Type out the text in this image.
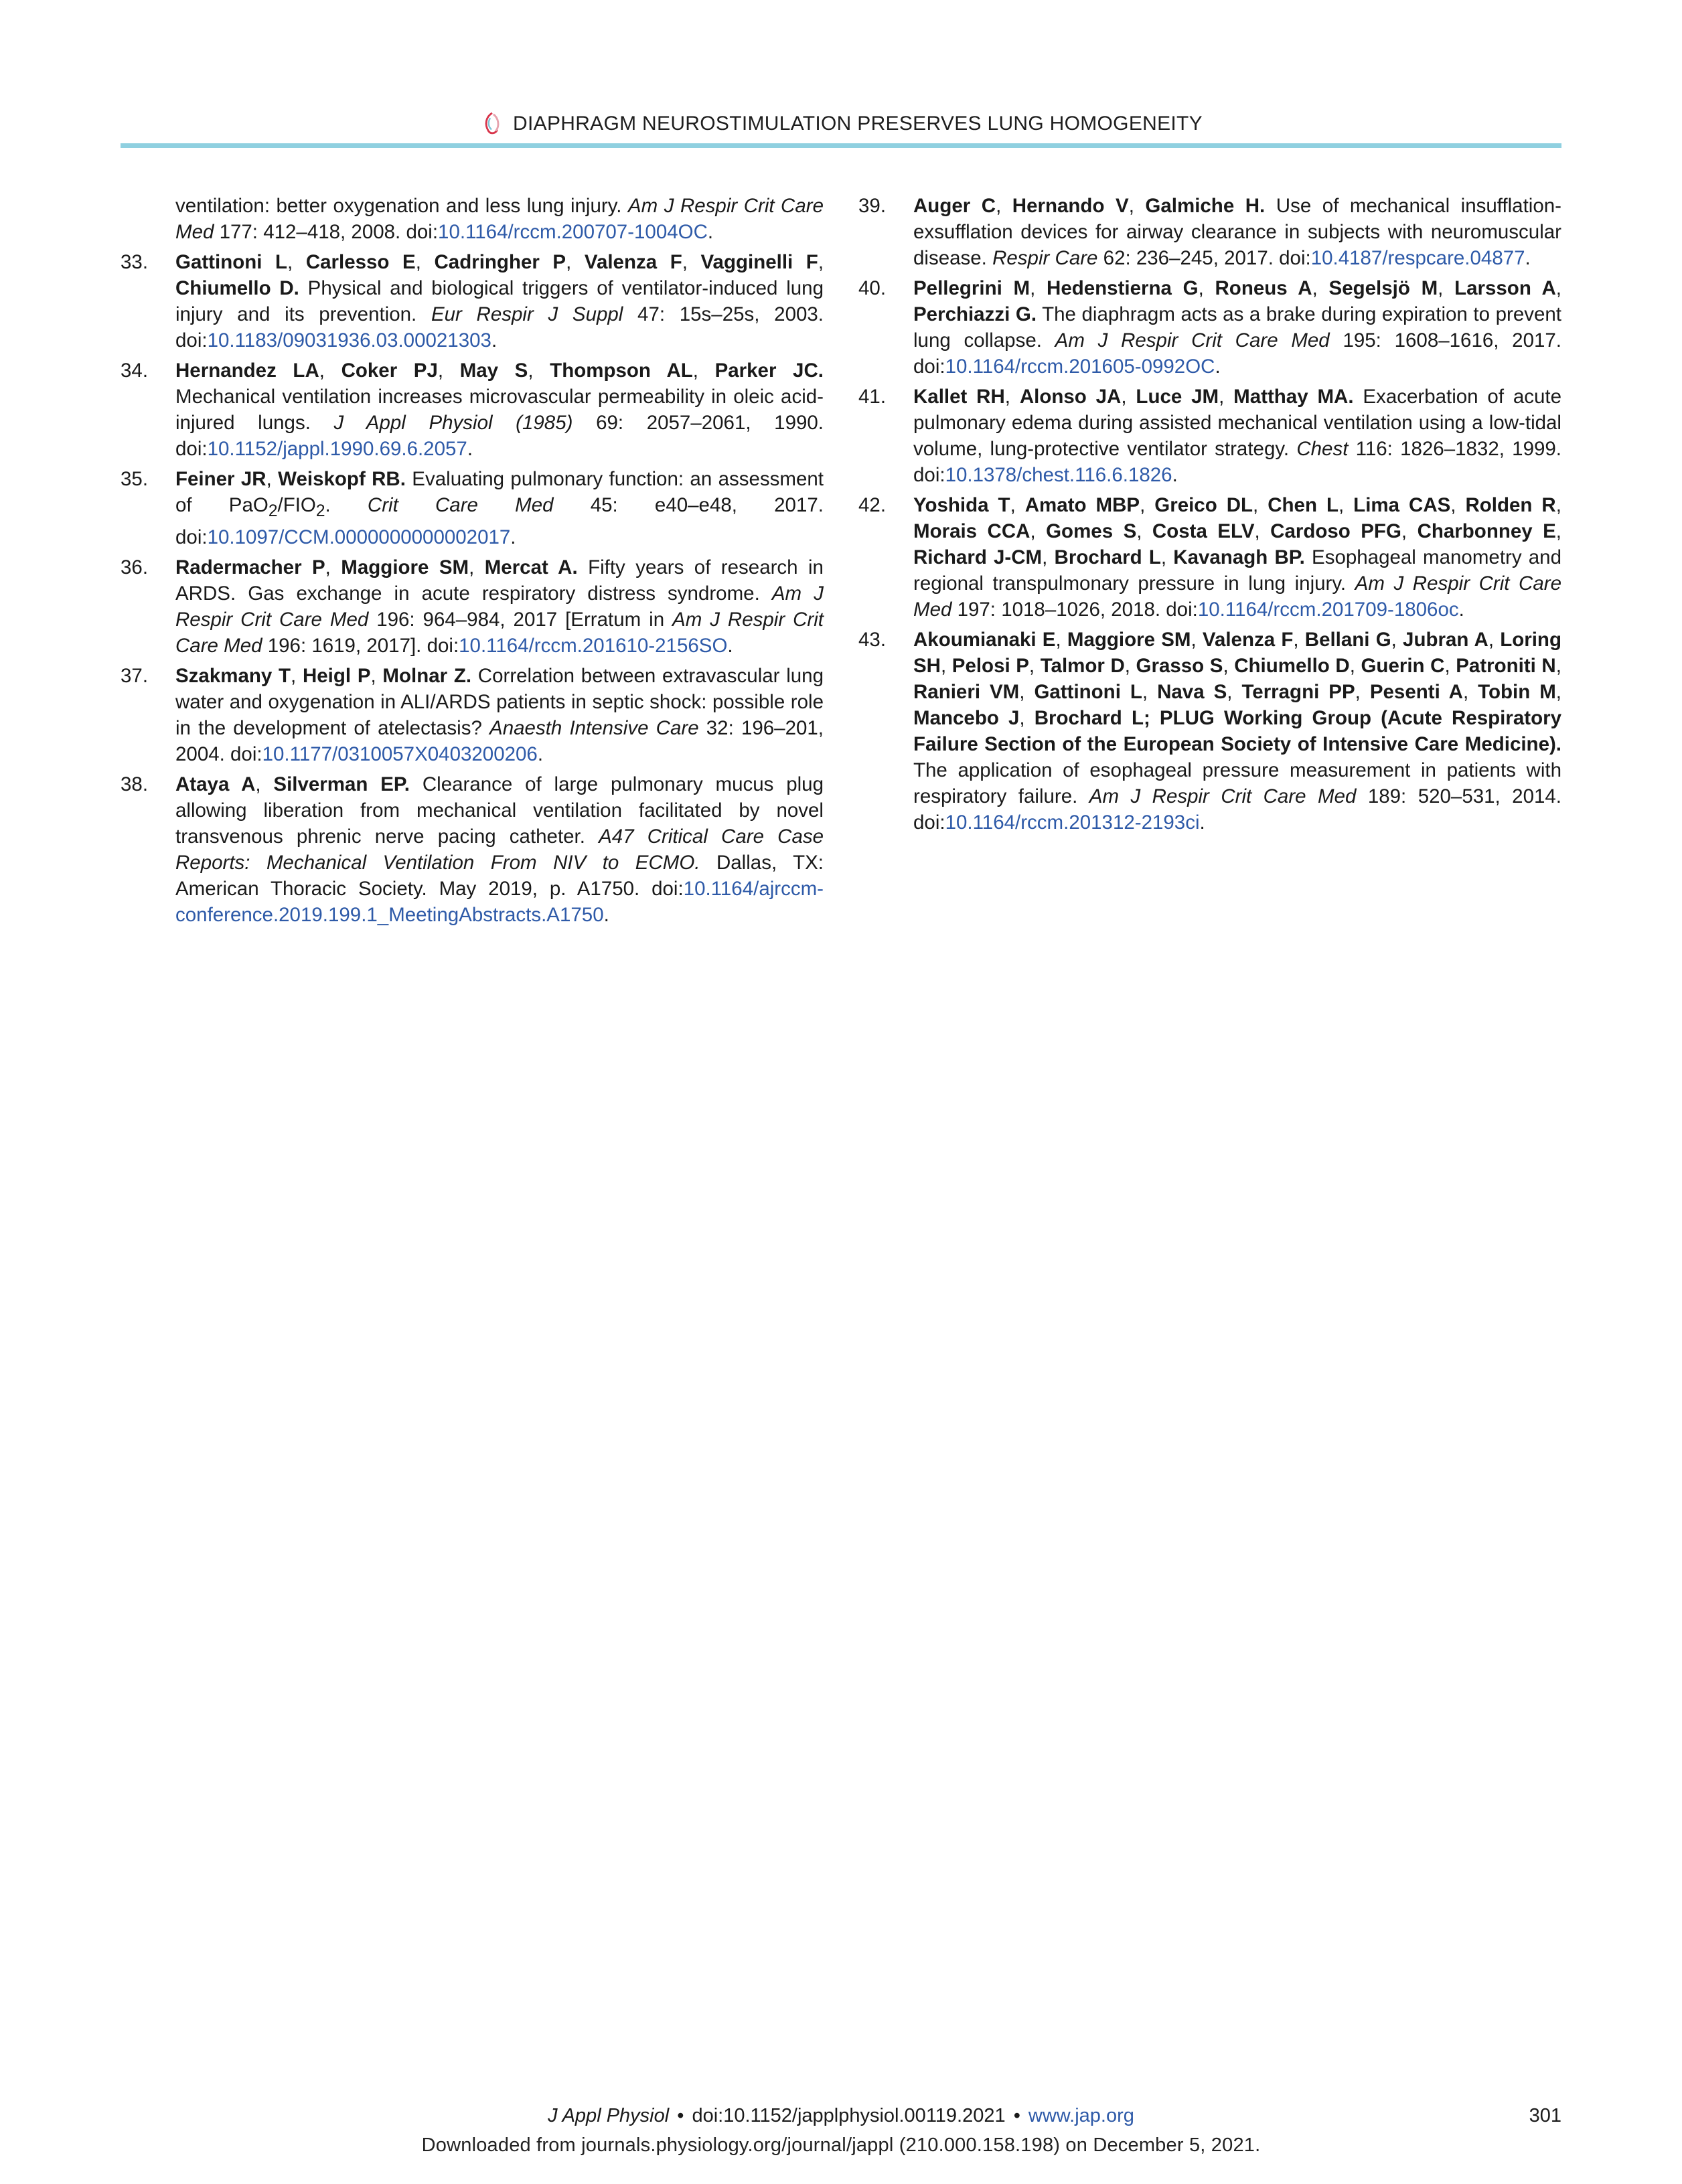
DIAPHRAGM NEUROSTIMULATION PRESERVES LUNG HOMOGENEITY
ventilation: better oxygenation and less lung injury. Am J Respir Crit Care Med 177: 412–418, 2008. doi:10.1164/rccm.200707-1004OC.
33. Gattinoni L, Carlesso E, Cadringher P, Valenza F, Vagginelli F, Chiumello D. Physical and biological triggers of ventilator-induced lung injury and its prevention. Eur Respir J Suppl 47: 15s–25s, 2003. doi:10.1183/09031936.03.00021303.
34. Hernandez LA, Coker PJ, May S, Thompson AL, Parker JC. Mechanical ventilation increases microvascular permeability in oleic acid-injured lungs. J Appl Physiol (1985) 69: 2057–2061, 1990. doi:10.1152/jappl.1990.69.6.2057.
35. Feiner JR, Weiskopf RB. Evaluating pulmonary function: an assessment of $PaO_2/FIO_2$. Crit Care Med 45: e40–e48, 2017. doi:10.1097/CCM.0000000000002017.
36. Radermacher P, Maggiore SM, Mercat A. Fifty years of research in ARDS. Gas exchange in acute respiratory distress syndrome. Am J Respir Crit Care Med 196: 964–984, 2017 [Erratum in Am J Respir Crit Care Med 196: 1619, 2017]. doi:10.1164/rccm.201610-2156SO.
37. Szakmany T, Heigl P, Molnar Z. Correlation between extravascular lung water and oxygenation in ALI/ARDS patients in septic shock: possible role in the development of atelectasis? Anaesth Intensive Care 32: 196–201, 2004. doi:10.1177/0310057X0403200206.
38. Ataya A, Silverman EP. Clearance of large pulmonary mucus plug allowing liberation from mechanical ventilation facilitated by novel transvenous phrenic nerve pacing catheter. A47 Critical Care Case Reports: Mechanical Ventilation From NIV to ECMO. Dallas, TX: American Thoracic Society. May 2019, p. A1750. doi:10.1164/ajrccm-conference.2019.199.1_MeetingAbstracts.A1750.
39. Auger C, Hernando V, Galmiche H. Use of mechanical insufflation-exsufflation devices for airway clearance in subjects with neuromuscular disease. Respir Care 62: 236–245, 2017. doi:10.4187/respcare.04877.
40. Pellegrini M, Hedenstierna G, Roneus A, Segelsjö M, Larsson A, Perchiazzi G. The diaphragm acts as a brake during expiration to prevent lung collapse. Am J Respir Crit Care Med 195: 1608–1616, 2017. doi:10.1164/rccm.201605-0992OC.
41. Kallet RH, Alonso JA, Luce JM, Matthay MA. Exacerbation of acute pulmonary edema during assisted mechanical ventilation using a low-tidal volume, lung-protective ventilator strategy. Chest 116: 1826–1832, 1999. doi:10.1378/chest.116.6.1826.
42. Yoshida T, Amato MBP, Greico DL, Chen L, Lima CAS, Rolden R, Morais CCA, Gomes S, Costa ELV, Cardoso PFG, Charbonney E, Richard J-CM, Brochard L, Kavanagh BP. Esophageal manometry and regional transpulmonary pressure in lung injury. Am J Respir Crit Care Med 197: 1018–1026, 2018. doi:10.1164/rccm.201709-1806oc.
43. Akoumianaki E, Maggiore SM, Valenza F, Bellani G, Jubran A, Loring SH, Pelosi P, Talmor D, Grasso S, Chiumello D, Guerin C, Patroniti N, Ranieri VM, Gattinoni L, Nava S, Terragni PP, Pesenti A, Tobin M, Mancebo J, Brochard L; PLUG Working Group (Acute Respiratory Failure Section of the European Society of Intensive Care Medicine). The application of esophageal pressure measurement in patients with respiratory failure. Am J Respir Crit Care Med 189: 520–531, 2014. doi:10.1164/rccm.201312-2193ci.
J Appl Physiol • doi:10.1152/japplphysiol.00119.2021 • www.jap.org	301
Downloaded from journals.physiology.org/journal/jappl (210.000.158.198) on December 5, 2021.
